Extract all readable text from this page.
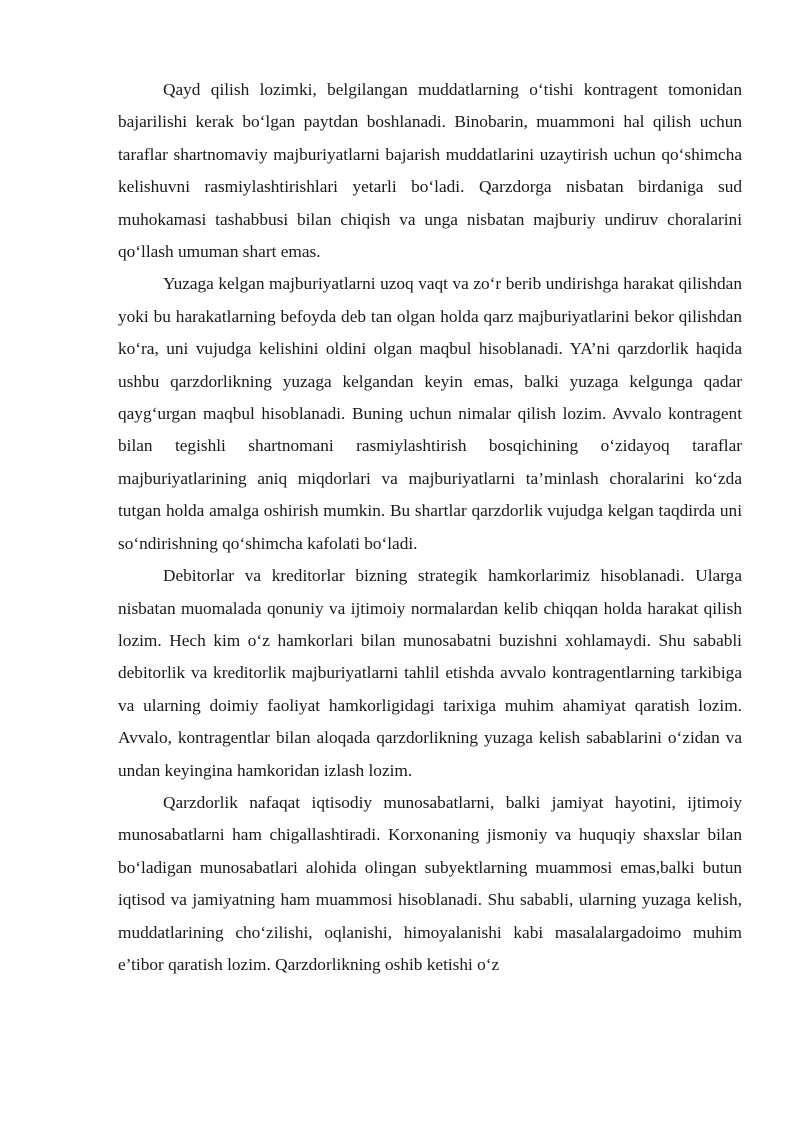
Qayd qilish lozimki, belgilangan muddatlarning o‘tishi kontragent tomonidan bajarilishi kerak bo‘lgan paytdan boshlanadi. Binobarin, muammoni hal qilish uchun taraflar shartnomaviy majburiyatlarni bajarish muddatlarini uzaytirish uchun qo‘shimcha kelishuvni rasmiylashtirishlari yetarli bo‘ladi. Qarzdorga nisbatan birdaniga sud muhokamasi tashabbusi bilan chiqish va unga nisbatan majburiy undiruv choralarini qo‘llash umuman shart emas.

Yuzaga kelgan majburiyatlarni uzoq vaqt va zo‘r berib undirishga harakat qilishdan yoki bu harakatlarning befoyda deb tan olgan holda qarz majburiyatlarini bekor qilishdan ko‘ra, uni vujudga kelishini oldini olgan maqbul hisoblanadi. YA’ni qarzdorlik haqida ushbu qarzdorlikning yuzaga kelgandan keyin emas, balki yuzaga kelgunga qadar qayg‘urgan maqbul hisoblanadi. Buning uchun nimalar qilish lozim. Avvalo kontragent bilan tegishli shartnomani rasmiylashtirish bosqichining o‘zidayoq taraflar majburiyatlarining aniq miqdorlari va majburiyatlarni ta’minlash choralarini ko‘zda tutgan holda amalga oshirish mumkin. Bu shartlar qarzdorlik vujudga kelgan taqdirda uni so‘ndirishning qo‘shimcha kafolati bo‘ladi.

Debitorlar va kreditorlar bizning strategik hamkorlarimiz hisoblanadi. Ularga nisbatan muomalada qonuniy va ijtimoiy normalardan kelib chiqqan holda harakat qilish lozim. Hech kim o‘z hamkorlari bilan munosabatni buzishni xohlamaydi. Shu sababli debitorlik va kreditorlik majburiyatlarni tahlil etishda avvalo kontragentlarning tarkibiga va ularning doimiy faoliyat hamkorligidagi tarixiga muhim ahamiyat qaratish lozim. Avvalo, kontragentlar bilan aloqada qarzdorlikning yuzaga kelish sabablarini o‘zidan va undan keyingina hamkoridan izlash lozim.

Qarzdorlik nafaqat iqtisodiy munosabatlarni, balki jamiyat hayotini, ijtimoiy munosabatlarni ham chigallashtiradi. Korxonaning jismoniy va huquqiy shaxslar bilan bo‘ladigan munosabatlari alohida olingan subyektlarning muammosi emas,balki butun iqtisod va jamiyatning ham muammosi hisoblanadi. Shu sababli, ularning yuzaga kelish, muddatlarining cho‘zilishi, oqlanishi, himoyalanishi kabi masalalargadoimo muhim e’tibor qaratish lozim. Qarzdorlikning oshib ketishi o‘z
